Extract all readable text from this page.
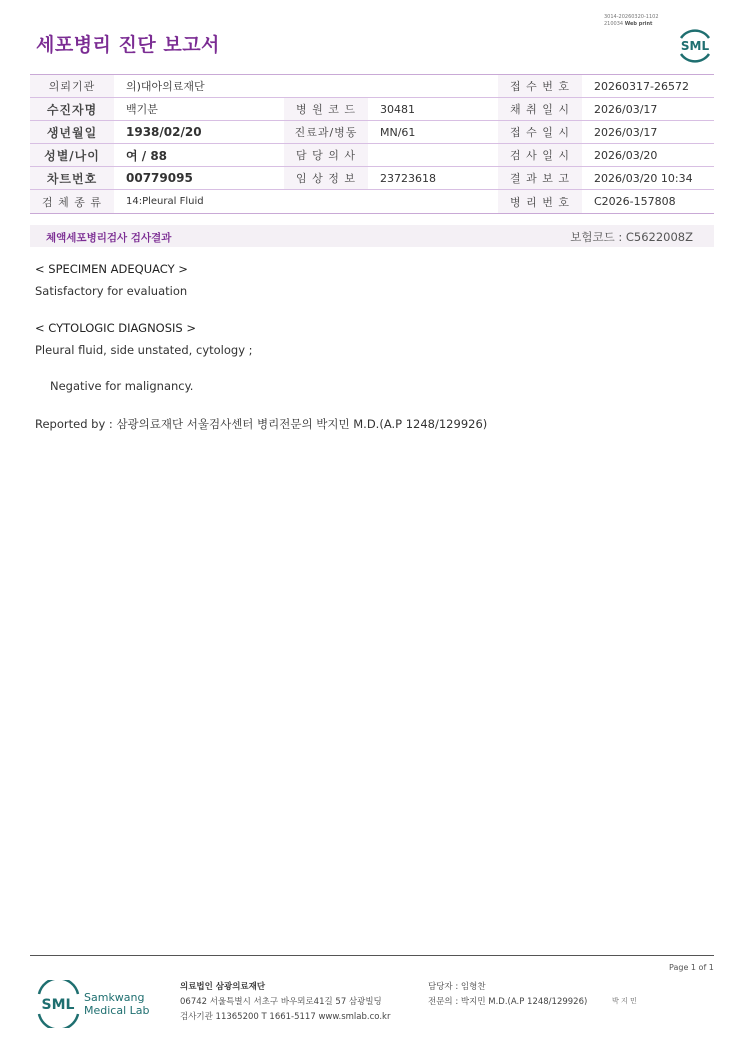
3014-20260320-1102
210034 Web print
세포병리 진단 보고서	SML
의뢰기관	의)대아의료재단			접 수 번 호	20260317-26572
수진자명	백기분	병 원 코 드	30481	채 취 일 시	2026/03/17
생년월일	1938/02/20	진료과/병동	MN/61	접 수 일 시	2026/03/17
성별/나이	여 / 88	담 당 의 사		검 사 일 시	2026/03/20
차트번호	00779095	임 상 정 보	23723618	결 과 보 고	2026/03/20 10:34
검 체 종 류	14:Pleural Fluid			병 리 번 호	C2026-157808
체액세포병리검사 검사결과	보험코드 : C5622008Z
< SPECIMEN ADEQUACY >
Satisfactory for evaluation
< CYTOLOGIC DIAGNOSIS >
Pleural fluid, side unstated, cytology ;
Negative for malignancy.
Reported by : 삼광의료재단 서울검사센터 병리전문의 박지민 M.D.(A.P 1248/129926)
Page 1 of 1
SML Samkwang
Medical Lab
의료법인 삼광의료재단
06742 서울특별시 서초구 바우뫼로41길 57 삼광빌딩
검사기관 11365200 T 1661-5117 www.smlab.co.kr
담당자 : 임형찬
전문의 : 박지민 M.D.(A.P 1248/129926)	박 지 민
